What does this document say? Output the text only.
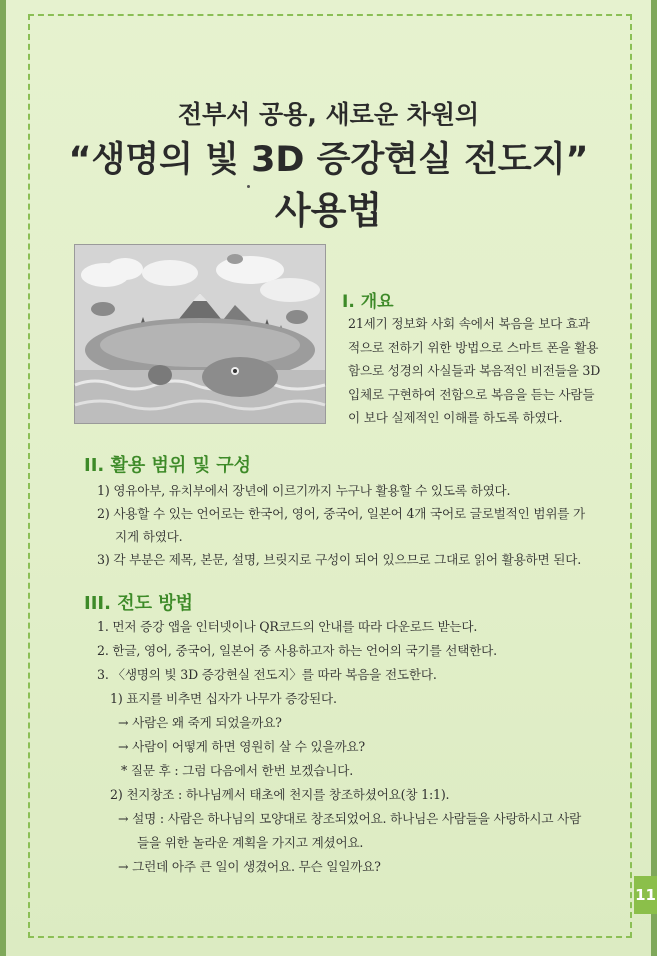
전부서 공용, 새로운 차원의
“생명의 빛 3D 증강현실 전도지”
사용법
I. 개요
21세기 정보화 사회 속에서 복음을 보다 효과
적으로 전하기 위한 방법으로 스마트 폰을 활용
함으로 성경의 사실들과 복음적인 비전들을 3D
입체로 구현하여 전함으로 복음을 듣는 사람들
이 보다 실제적인 이해를 하도록 하였다.
II. 활용 범위 및 구성
1) 영유아부, 유치부에서 장년에 이르기까지 누구나 활용할 수 있도록 하였다.
2) 사용할 수 있는 언어로는 한국어, 영어, 중국어, 일본어 4개 국어로 글로벌적인 범위를 가
지게 하였다.
3) 각 부분은 제목, 본문, 설명, 브릿지로 구성이 되어 있으므로 그대로 읽어 활용하면 된다.
III. 전도 방법
1. 먼저 증강 앱을 인터넷이나 QR코드의 안내를 따라 다운로드 받는다.
2. 한글, 영어, 중국어, 일본어 중 사용하고자 하는 언어의 국기를 선택한다.
3. 〈생명의 빛 3D 증강현실 전도지〉를 따라 복음을 전도한다.
1) 표지를 비추면 십자가 나무가 증강된다.
→ 사람은 왜 죽게 되었을까요?
→ 사람이 어떻게 하면 영원히 살 수 있을까요?
* 질문 후 : 그럼 다음에서 한번 보겠습니다.
2) 천지창조 : 하나님께서 태초에 천지를 창조하셨어요(창 1:1).
→ 설명 : 사람은 하나님의 모양대로 창조되었어요. 하나님은 사람들을 사랑하시고 사람
들을 위한 놀라운 계획을 가지고 계셨어요.
→ 그런데 아주 큰 일이 생겼어요. 무슨 일일까요?
11
